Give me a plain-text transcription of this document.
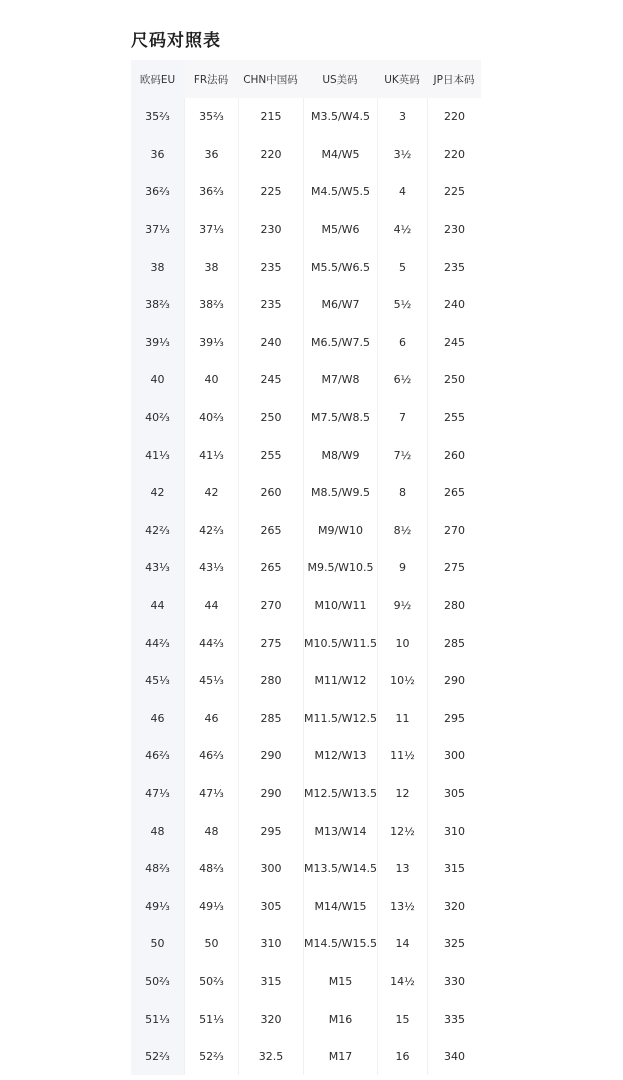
尺码对照表
欧码EU	FR法码	CHN中国码	US美码	UK英码	JP日本码
35⅔	35⅔	215	M3.5/W4.5	3	220
36	36	220	M4/W5	3½	220
36⅔	36⅔	225	M4.5/W5.5	4	225
37⅓	37⅓	230	M5/W6	4½	230
38	38	235	M5.5/W6.5	5	235
38⅔	38⅔	235	M6/W7	5½	240
39⅓	39⅓	240	M6.5/W7.5	6	245
40	40	245	M7/W8	6½	250
40⅔	40⅔	250	M7.5/W8.5	7	255
41⅓	41⅓	255	M8/W9	7½	260
42	42	260	M8.5/W9.5	8	265
42⅔	42⅔	265	M9/W10	8½	270
43⅓	43⅓	265	M9.5/W10.5	9	275
44	44	270	M10/W11	9½	280
44⅔	44⅔	275	M10.5/W11.5	10	285
45⅓	45⅓	280	M11/W12	10½	290
46	46	285	M11.5/W12.5	11	295
46⅔	46⅔	290	M12/W13	11½	300
47⅓	47⅓	290	M12.5/W13.5	12	305
48	48	295	M13/W14	12½	310
48⅔	48⅔	300	M13.5/W14.5	13	315
49⅓	49⅓	305	M14/W15	13½	320
50	50	310	M14.5/W15.5	14	325
50⅔	50⅔	315	M15	14½	330
51⅓	51⅓	320	M16	15	335
52⅔	52⅔	32.5	M17	16	340
